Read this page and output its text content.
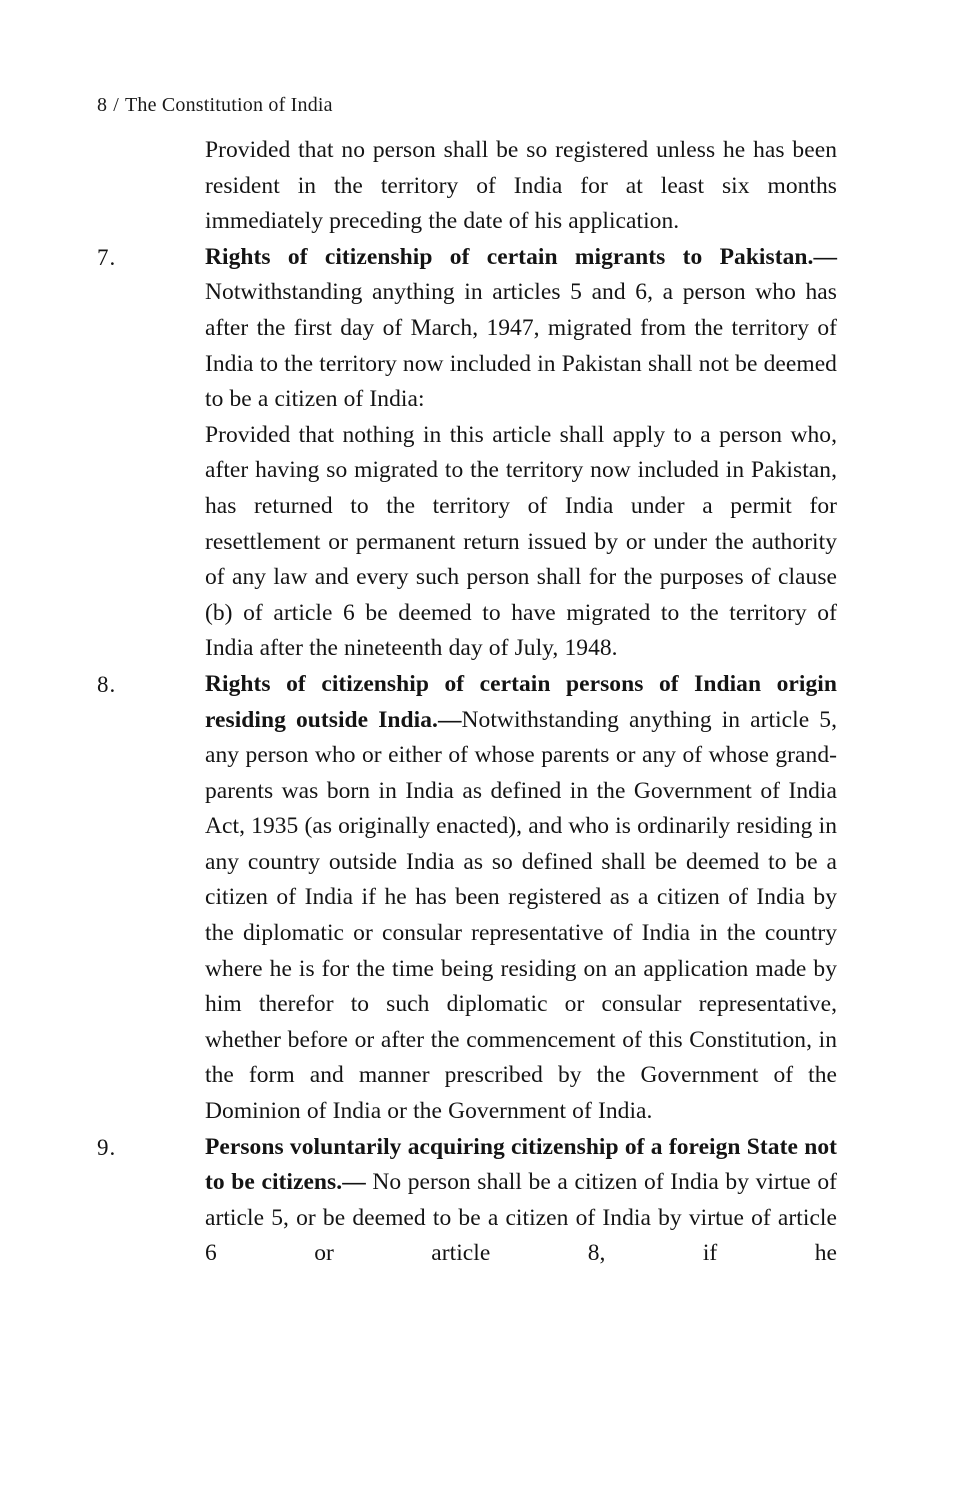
8 / The Constitution of India

Provided that no person shall be so registered unless he has been resident in the territory of India for at least six months immediately preceding the date of his application.

7.	Rights of citizenship of certain migrants to Pakistan.—Notwithstanding anything in articles 5 and 6, a person who has after the first day of March, 1947, migrated from the territory of India to the territory now included in Pakistan shall not be deemed to be a citizen of India:

Provided that nothing in this article shall apply to a person who, after having so migrated to the territory now included in Pakistan, has returned to the territory of India under a permit for resettlement or permanent return issued by or under the authority of any law and every such person shall for the purposes of clause (b) of article 6 be deemed to have migrated to the territory of India after the nineteenth day of July, 1948.

8.	Rights of citizenship of certain persons of Indian origin residing outside India.—Notwithstanding anything in article 5, any person who or either of whose parents or any of whose grand-parents was born in India as defined in the Government of India Act, 1935 (as originally enacted), and who is ordinarily residing in any country outside India as so defined shall be deemed to be a citizen of India if he has been registered as a citizen of India by the diplomatic or consular representative of India in the country where he is for the time being residing on an application made by him therefor to such diplomatic or consular representative, whether before or after the commencement of this Constitution, in the form and manner prescribed by the Government of the Dominion of India or the Government of India.

9.	Persons voluntarily acquiring citizenship of a foreign State not to be citizens.— No person shall be a citizen of India by virtue of article 5, or be deemed to be a citizen of India by virtue of article 6 or article 8, if he
